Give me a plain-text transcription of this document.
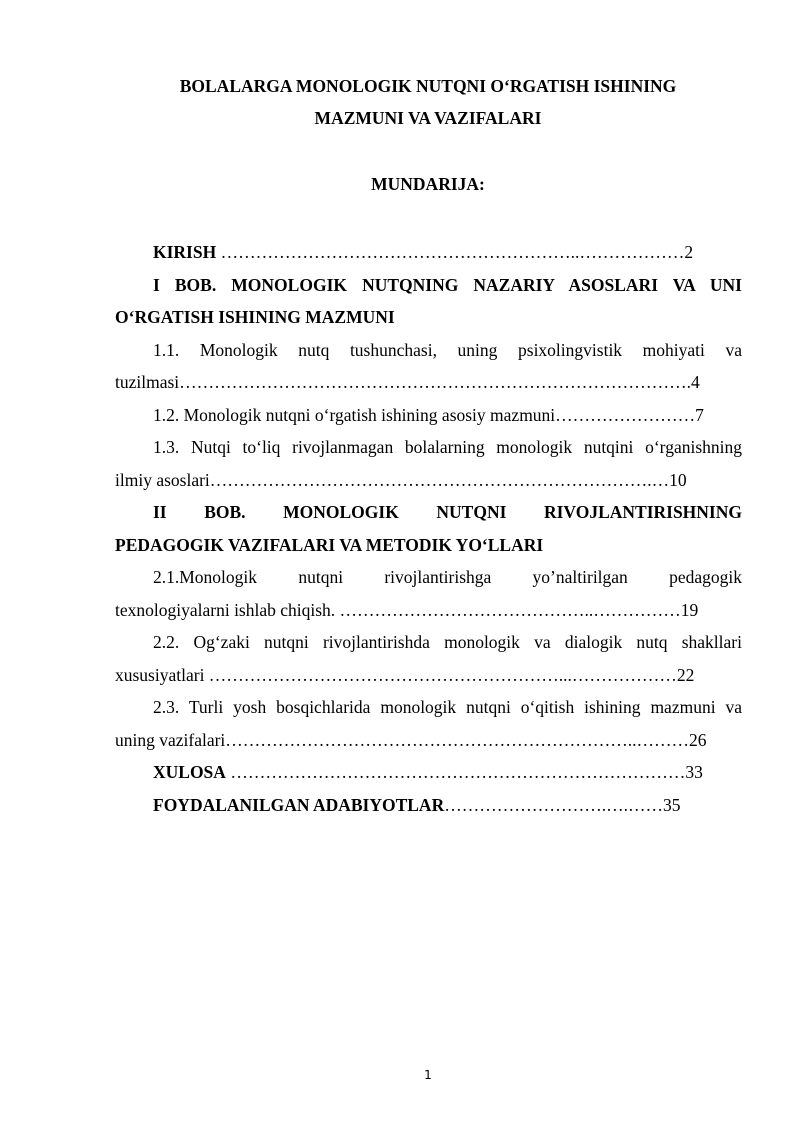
BOLALARGA MONOLOGIK NUTQNI O‘RGATISH ISHINING
MAZMUNI VA VAZIFALARI
MUNDARIJA:

KIRISH ……………………………………………………..………………2

I BOB. MONOLOGIK NUTQNING NAZARIY ASOSLARI VA UNI

O‘RGATISH ISHINING MAZMUNI

1.1. Monologik nutq tushunchasi, uning psixolingvistik mohiyati va

tuzilmasi…………………………………………………………………………….4

1.2. Monologik nutqni o‘rgatish ishining asosiy mazmuni……………………7

1.3. Nutqi to‘liq rivojlanmagan bolalarning monologik nutqini o‘rganishning

ilmiy asoslari………………………………………………………………….…10

II BOB. MONOLOGIK NUTQNI RIVOJLANTIRISHNING

PEDAGOGIK VAZIFALARI VA METODIK YO‘LLARI

2.1.Monologik nutqni rivojlantirishga yo’naltirilgan pedagogik

texnologiyalarni ishlab chiqish. ……………………………………..……………19

2.2. Og‘zaki nutqni rivojlantirishda monologik va dialogik nutq shakllari

xususiyatlari ……………………………………………………...………………22

2.3. Turli yosh bosqichlarida monologik nutqni o‘qitish ishining mazmuni va

uning vazifalari……………………………………………………………..………26

XULOSA ……………………………………………………………………33

FOYDALANILGAN ADABIYOTLAR……………………….….……35

1
